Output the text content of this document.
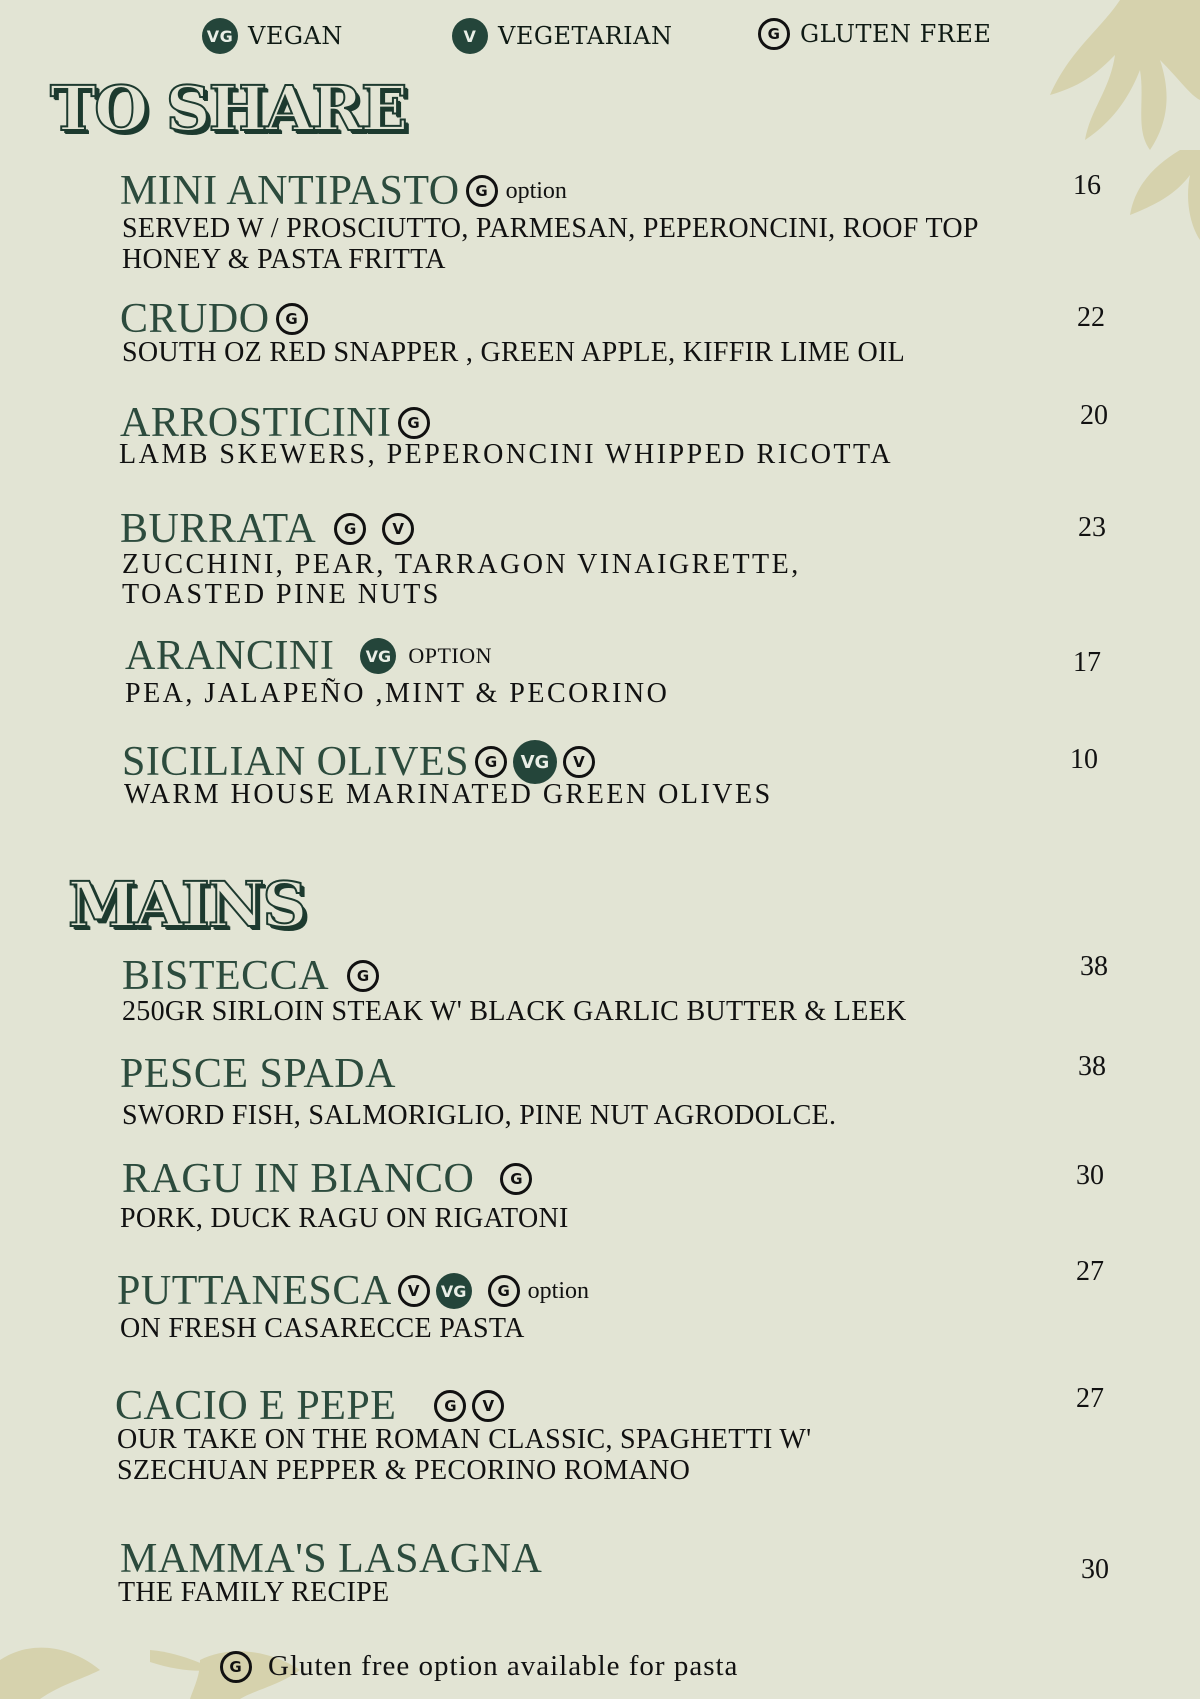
VG VEGAN	V VEGETARIAN	G GLUTEN FREE
TO SHARE
MINI ANTIPASTO	G option
SERVED W / PROSCIUTTO, PARMESAN, PEPERONCINI, ROOF TOP
HONEY & PASTA FRITTA
16
CRUDO	G
SOUTH OZ RED SNAPPER , GREEN APPLE, KIFFIR LIME OIL
22
ARROSTICINI	G
LAMB SKEWERS, PEPERONCINI WHIPPED RICOTTA
20
BURRATA	G	V
ZUCCHINI, PEAR, TARRAGON VINAIGRETTE,
TOASTED PINE NUTS
23
ARANCINI	VG OPTION
PEA, JALAPEÑO ,MINT & PECORINO
17
SICILIAN OLIVES	G	VG	V
WARM HOUSE MARINATED GREEN OLIVES
10
MAINS
BISTECCA	G
250GR SIRLOIN STEAK W' BLACK GARLIC BUTTER & LEEK
38
PESCE SPADA
SWORD FISH, SALMORIGLIO, PINE NUT AGRODOLCE.
38
RAGU IN BIANCO	G
PORK, DUCK RAGU ON RIGATONI
30
PUTTANESCA	V	VG	G option
ON FRESH CASARECCE PASTA
27
CACIO E PEPE	G	V
OUR TAKE ON THE ROMAN CLASSIC, SPAGHETTI W'
SZECHUAN PEPPER & PECORINO ROMANO
27
MAMMA'S LASAGNA
THE FAMILY RECIPE
30
G Gluten free option available for pasta
